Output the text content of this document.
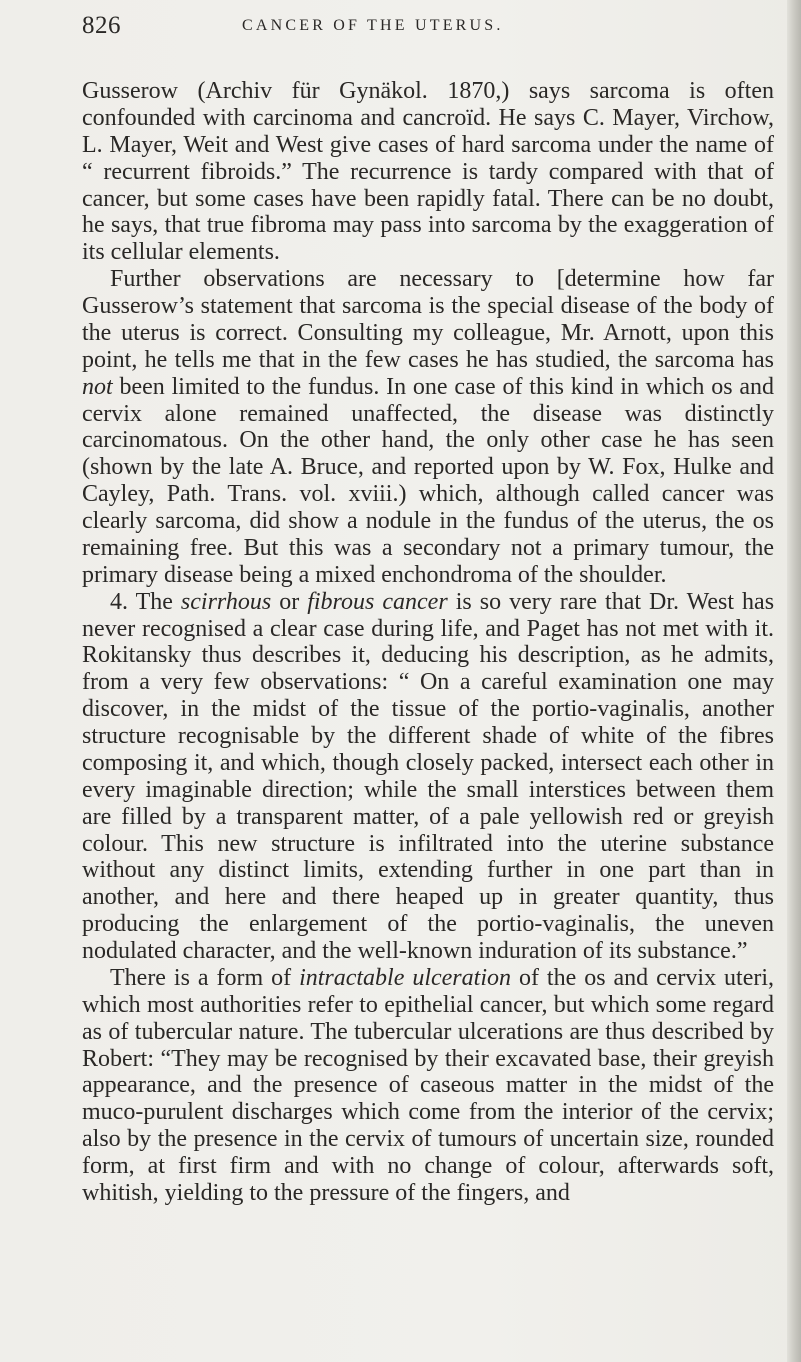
826	CANCER OF THE UTERUS.

Gusserow (Archiv für Gynäkol. 1870,) says sarcoma is often confounded with carcinoma and cancroïd. He says C. Mayer, Virchow, L. Mayer, Weit and West give cases of hard sarcoma under the name of “ recurrent fibroids.” The recurrence is tardy compared with that of cancer, but some cases have been rapidly fatal. There can be no doubt, he says, that true fibroma may pass into sarcoma by the exaggeration of its cellular elements.

Further observations are necessary to [determine how far Gusserow’s statement that sarcoma is the special disease of the body of the uterus is correct. Consulting my colleague, Mr. Arnott, upon this point, he tells me that in the few cases he has studied, the sarcoma has not been limited to the fundus. In one case of this kind in which os and cervix alone remained unaffected, the disease was distinctly carcinomatous. On the other hand, the only other case he has seen (shown by the late A. Bruce, and reported upon by W. Fox, Hulke and Cayley, Path. Trans. vol. xviii.) which, although called cancer was clearly sarcoma, did show a nodule in the fundus of the uterus, the os remaining free. But this was a secondary not a primary tumour, the primary disease being a mixed enchondroma of the shoulder.

4. The scirrhous or fibrous cancer is so very rare that Dr. West has never recognised a clear case during life, and Paget has not met with it. Rokitansky thus describes it, deducing his description, as he admits, from a very few observations: “ On a careful examination one may discover, in the midst of the tissue of the portio-vaginalis, another structure recognisable by the different shade of white of the fibres composing it, and which, though closely packed, intersect each other in every imaginable direction; while the small interstices between them are filled by a transparent matter, of a pale yellowish red or greyish colour. This new structure is infiltrated into the uterine substance without any distinct limits, extending further in one part than in another, and here and there heaped up in greater quantity, thus producing the enlargement of the portio-vaginalis, the uneven nodulated character, and the well-known induration of its substance.”

There is a form of intractable ulceration of the os and cervix uteri, which most authorities refer to epithelial cancer, but which some regard as of tubercular nature. The tubercular ulcerations are thus described by Robert: “They may be recognised by their excavated base, their greyish appearance, and the presence of caseous matter in the midst of the muco-purulent discharges which come from the interior of the cervix; also by the presence in the cervix of tumours of uncertain size, rounded form, at first firm and with no change of colour, afterwards soft, whitish, yielding to the pressure of the fingers, and
